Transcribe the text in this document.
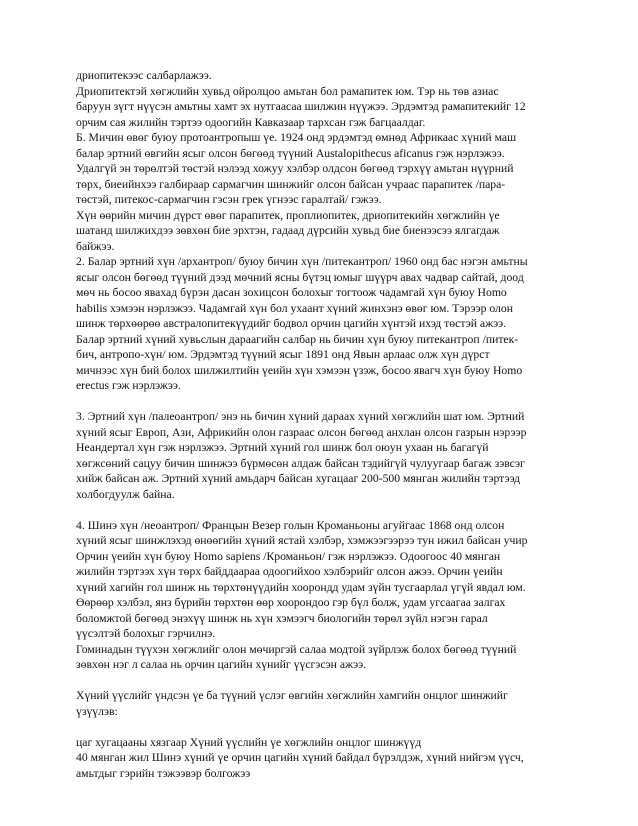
дриопитекээс салбарлажээ.
Дриопитектэй хөгжлийн хувьд ойролцоо амьтан бол рамапитек юм. Тэр нь төв азиас
баруун зүгт нүүсэн амьтны хамт эх нутгаасаа шилжин нүүжээ. Эрдэмтэд рамапитекийг 12
орчим сая жилийн тэртээ одоогийн Кавказаар тархсан гэж багцаалдаг.
Б. Мичин өвөг буюу протоантропыш үе. 1924 онд эрдэмтэд өмнөд Африкаас хүний маш
балар эртний өвгийн ясыг олсон бөгөөд түүний Austalopithecus aficanus гэж нэрлэжээ.
Удалгүй эн төрөлтэй төстэй нэлээд хожуу хэлбэр олдсон бөгөөд тэрхүү амьтан нүүрний
төрх, биеийнхээ галбираар сармагчин шинжийг олсон байсан учраас парапитек /пара-
төстэй, питекос-сармагчин гэсэн грек үгнээс гаралтай/ гэжээ.
Хүн өөрийн мичин дүрст өвөг парапитек, проплиопитек, дриопитекийн хөгжлийн үе
шатанд шилжихдээ зөвхөн бие эрхтэн, гадаад дүрсийн хувьд бие биенээсээ ялгагдаж
байжээ.
2. Балар эртний хүн /архантроп/ буюу бичин хүн /питекантроп/ 1960 онд бас нэгэн амьтны
ясыг олсон бөгөөд түүний дээд мөчний ясны бүтэц юмыг шүүрч авах чадвар сайтай, доод
мөч нь босоо явахад бүрэн дасан зохицсон болохыг тогтоож чадамгай хүн буюу Homo
habilis хэмээн нэрлэжээ. Чадамгай хүн бол ухаант хүний жинхэнэ өвөг юм. Тэрээр олон
шинж төрхөөрөө австралопитекүүдийг бодвол орчин цагийн хүнтэй ихэд төстэй ажээ.
Балар эртний хүний хувьслын дараагийн салбар нь бичин хүн буюу питекантроп /питек-
бич, антропо-хүн/ юм. Эрдэмтэд түүний ясыг 1891 онд Явын арлаас олж хүн дүрст
мичнээс хүн бий болох шилжилтийн үеийн хүн хэмээн үзэж, босоо явагч хүн буюу Homo
erectus гэж нэрлэжээ.
3. Эртний хүн /палеоантроп/ энэ нь бичин хүний дараах хүний хөгжлийн шат юм. Эртний
хүний ясыг Европ, Ази, Африкийн олон газраас олсон бөгөөд анхлан олсон газрын нэрээр
Неандертал хүн гэж нэрлэжээ. Эртний хүний гол шинж бол оюун ухаан нь багагүй
хөгжсөний сацуу бичин шинжээ бүрмөсөн алдаж байсан тэдийгүй чулуугаар багаж зэвсэг
хийж байсан аж. Эртний хүний амьдарч байсан хугацааг 200-500 мянган жилийн тэртээд
холбогдуулж байна.
4. Шинэ хүн /неоантроп/ Францын Везер голын Кроманьоны агуйгаас 1868 онд олсон
хүний ясыг шинжлэхэд өнөөгийн хүний ястай хэлбэр, хэмжээгээрээ тун ижил байсан учир
Орчин үеийн хүн буюу Homo sapiens /Кроманьон/ гэж нэрлэжээ. Одоогоос 40 мянган
жилийн тэртээх хүн төрх байддаараа одоогийхоо хэлбэрийг олсон ажээ. Орчин үеийн
хүний хагийн гол шинж нь төрхтөнүүдийн хоорондд удам зүйн тусгаарлал үгүй явдал юм.
Өөрөөр хэлбэл, янз бүрийн төрхтөн өөр хоорондоо гэр бүл болж, удам угсаагаа залгах
боломжтой бөгөөд энэхүү шинж нь хүн хэмээгч биологийн төрөл зүйл нэгэн гарал
үүсэлтэй болохыг гэрчилнэ.
Гоминадын түүхэн хөгжлийг олон мөчиргэй салаа модтой зүйрлэж болох бөгөөд түүний
зөвхөн нэг л салаа нь орчин цагийн хүнийг үүсгэсэн ажээ.
Хүний үүслийг үндсэн үе ба түүний үслэг өвгийн хөгжлийн хамгийн онцлог шинжийг
үзүүлэв:
цаг хугацааны хязгаар Хүний үүслийн үе хөгжлийн онцлог шинжүүд
40 мянган жил Шинэ хүний үе орчин цагийн хүний байдал бүрэлдэж, хүний нийгэм үүсч,
амьтдыг гэрийн тэжээвэр болгожээ
